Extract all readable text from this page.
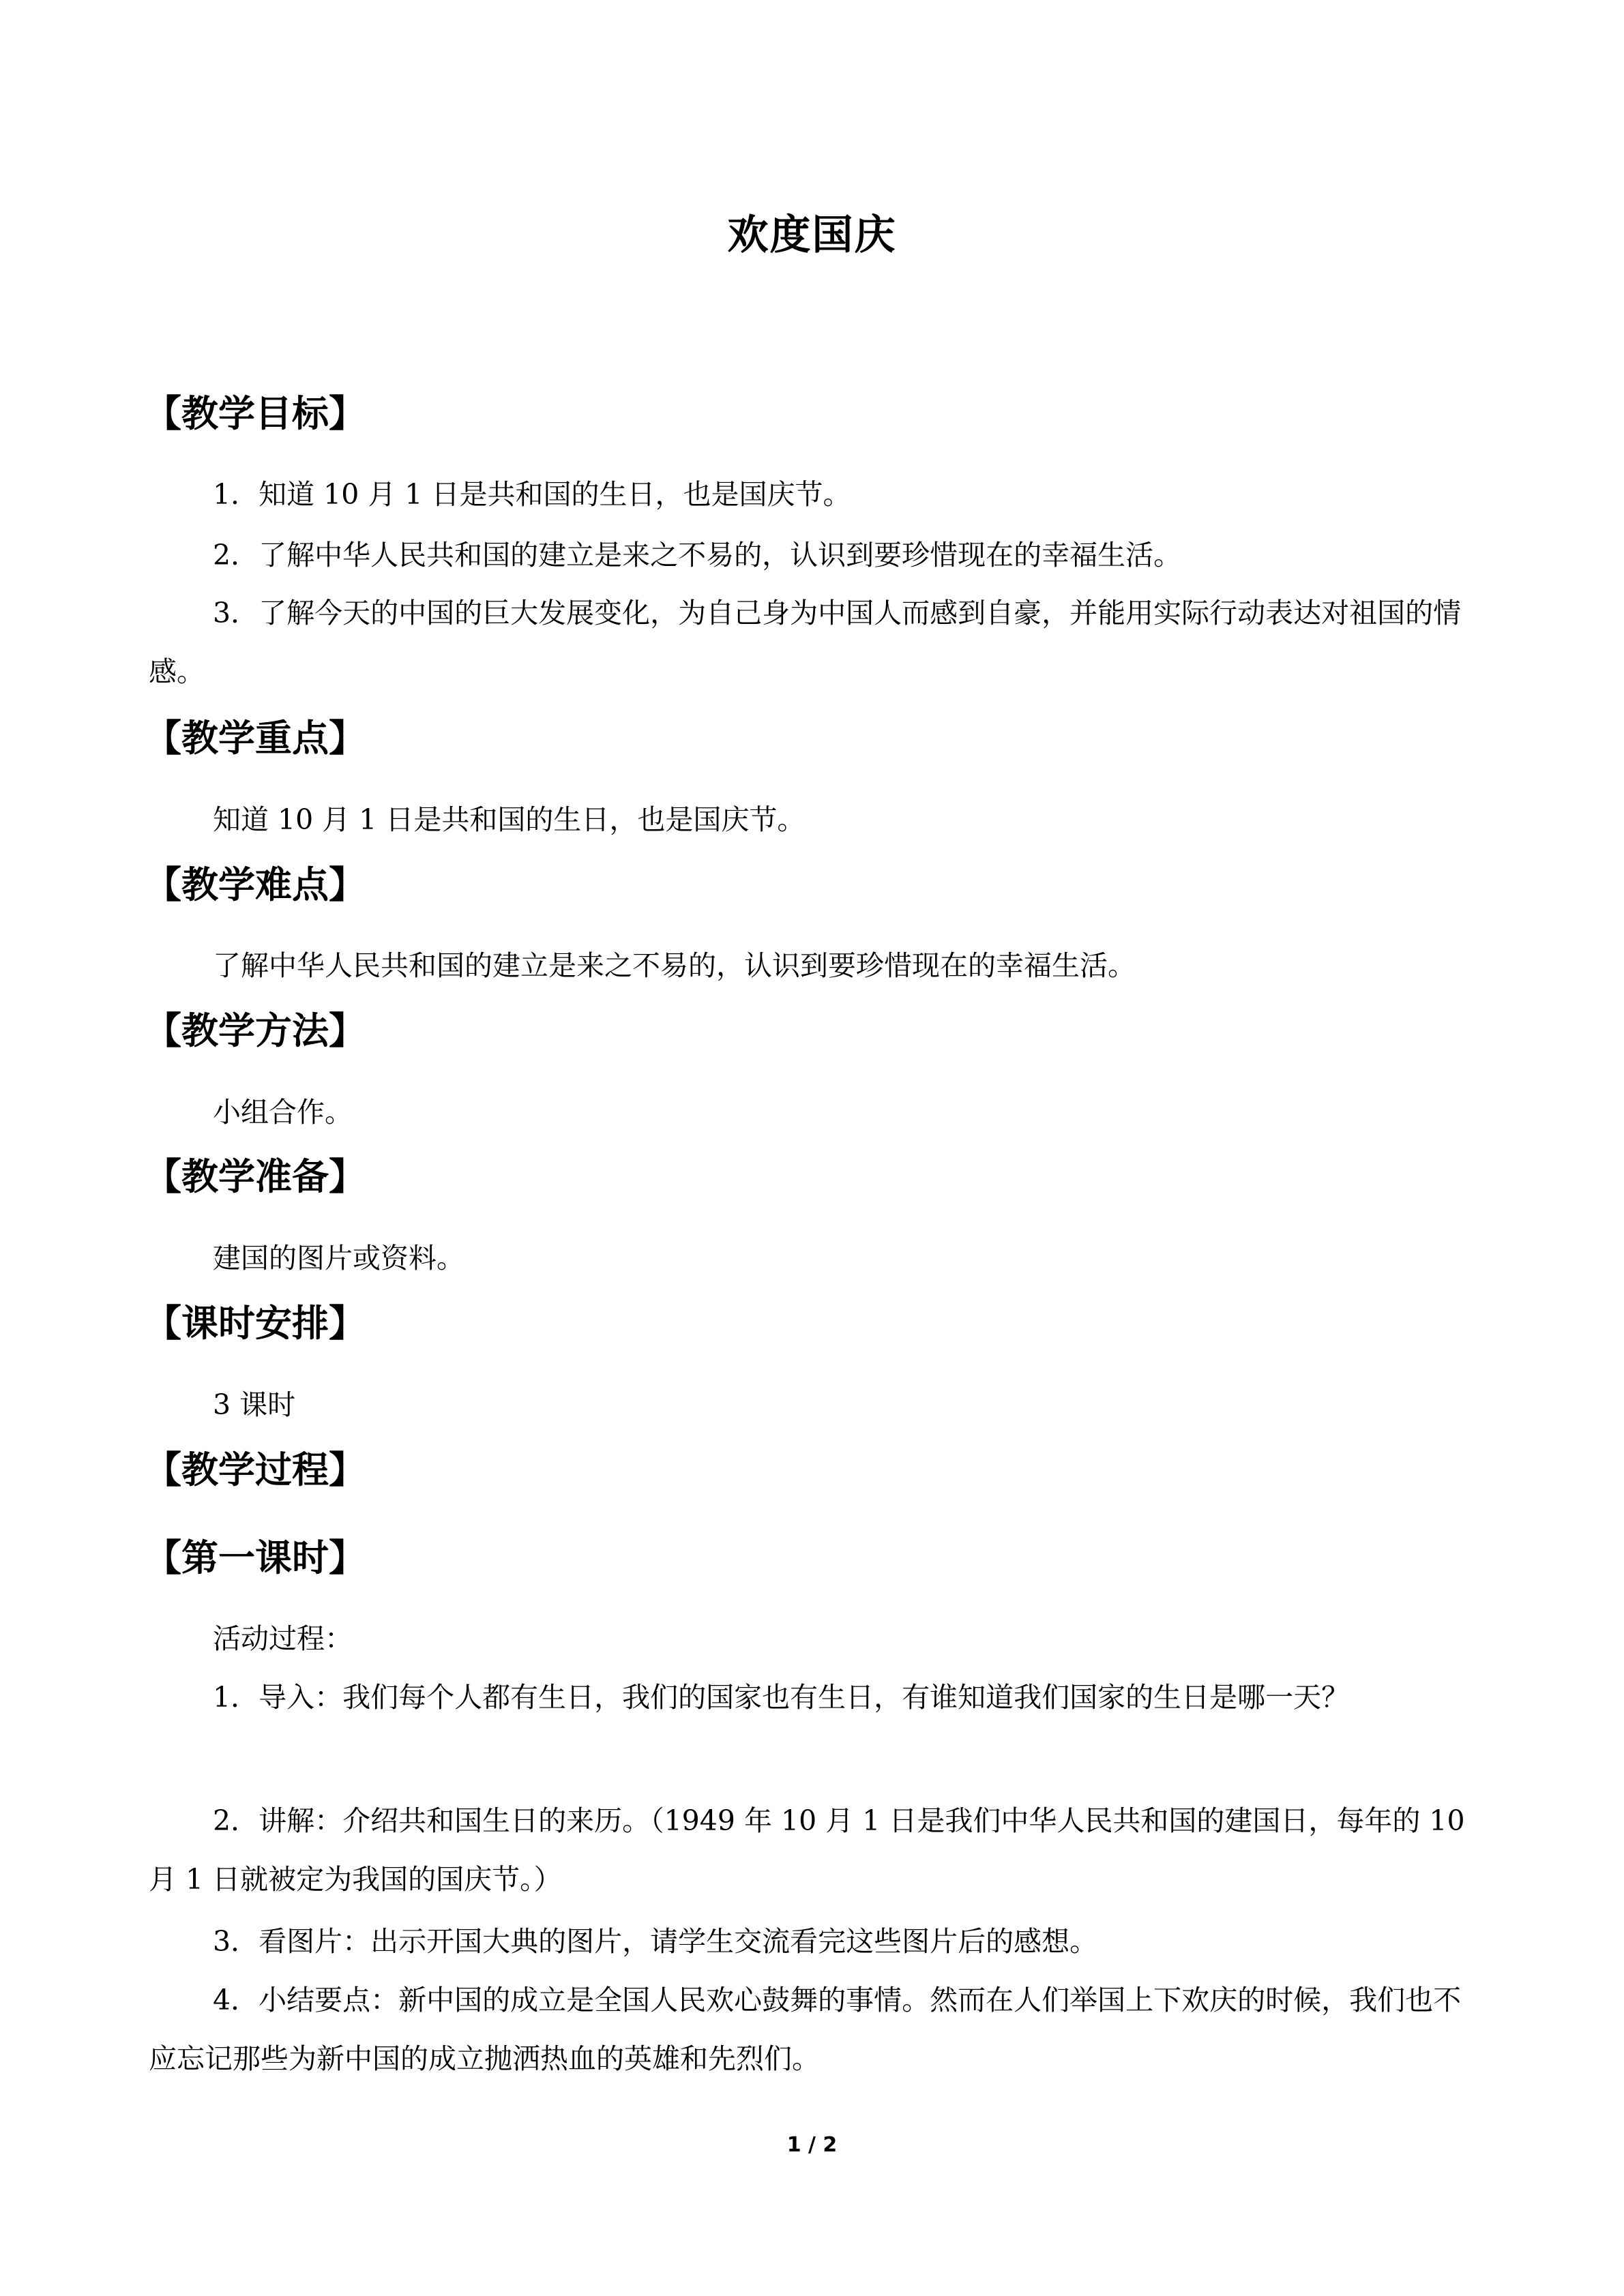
欢度国庆
【教学目标】
1．知道 10 月 1 日是共和国的生日，也是国庆节。
2．了解中华人民共和国的建立是来之不易的，认识到要珍惜现在的幸福生活。
3．了解今天的中国的巨大发展变化，为自己身为中国人而感到自豪，并能用实际行动表达对祖国的情感。
【教学重点】
知道 10 月 1 日是共和国的生日，也是国庆节。
【教学难点】
了解中华人民共和国的建立是来之不易的，认识到要珍惜现在的幸福生活。
【教学方法】
小组合作。
【教学准备】
建国的图片或资料。
【课时安排】
3 课时
【教学过程】
【第一课时】
活动过程：
1．导入：我们每个人都有生日，我们的国家也有生日，有谁知道我们国家的生日是哪一天？
2．讲解：介绍共和国生日的来历。（1949 年 10 月 1 日是我们中华人民共和国的建国日，每年的 10 月 1 日就被定为我国的国庆节。）
3．看图片：出示开国大典的图片，请学生交流看完这些图片后的感想。
4．小结要点：新中国的成立是全国人民欢心鼓舞的事情。然而在人们举国上下欢庆的时候，我们也不应忘记那些为新中国的成立抛洒热血的英雄和先烈们。
1 / 2
